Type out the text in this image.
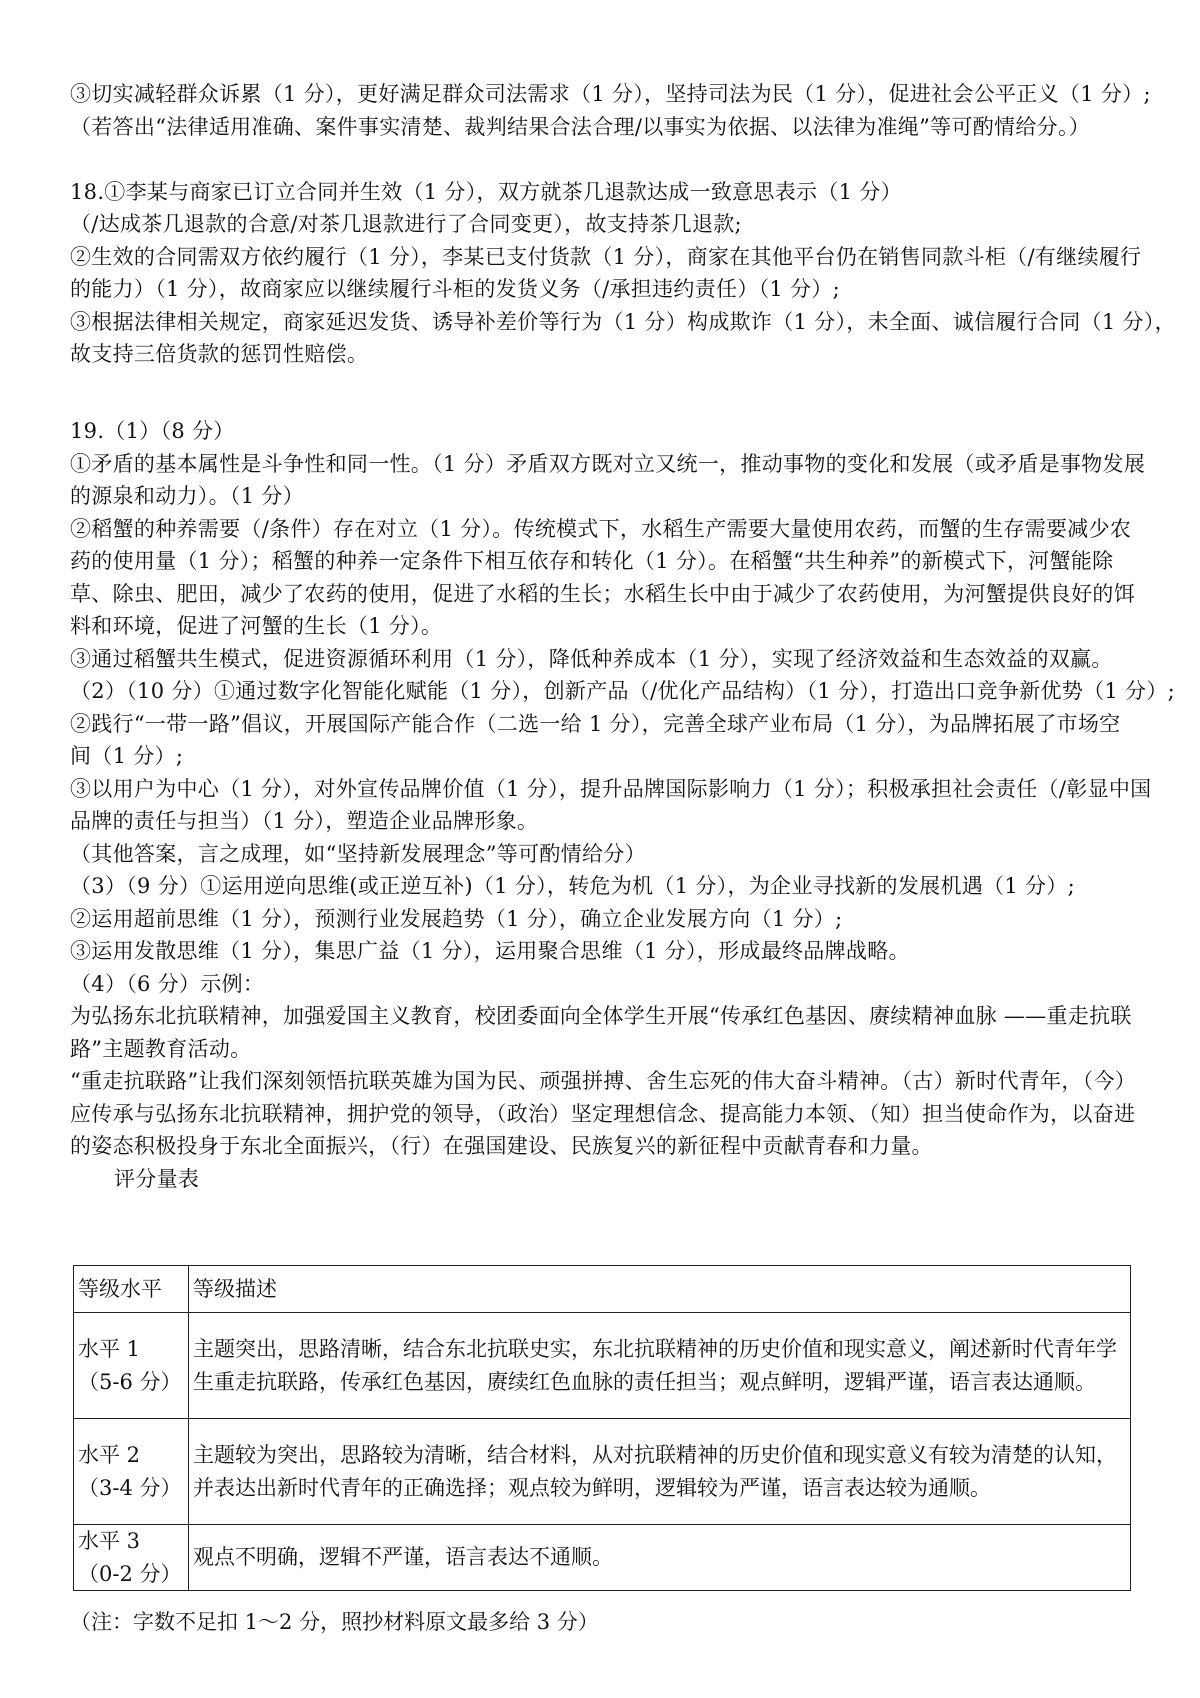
③切实减轻群众诉累（1 分），更好满足群众司法需求（1 分），坚持司法为民（1 分），促进社会公平正义（1 分）;
（若答出“法律适用准确、案件事实清楚、裁判结果合法合理/以事实为依据、以法律为准绳”等可酌情给分。）
18.①李某与商家已订立合同并生效（1 分），双方就茶几退款达成一致意思表示（1 分）
（/达成茶几退款的合意/对茶几退款进行了合同变更），故支持茶几退款;
②生效的合同需双方依约履行（1 分），李某已支付货款（1 分），商家在其他平台仍在销售同款斗柜（/有继续履行
的能力）（1 分），故商家应以继续履行斗柜的发货义务（/承担违约责任）（1 分）;
③根据法律相关规定，商家延迟发货、诱导补差价等行为（1 分）构成欺诈（1 分），未全面、诚信履行合同（1 分），
故支持三倍货款的惩罚性赔偿。
19.（1）（8 分）
①矛盾的基本属性是斗争性和同一性。（1 分）矛盾双方既对立又统一，推动事物的变化和发展（或矛盾是事物发展
的源泉和动力）。（1 分）
②稻蟹的种养需要（/条件）存在对立（1 分）。传统模式下，水稻生产需要大量使用农药，而蟹的生存需要减少农
药的使用量（1 分）；稻蟹的种养一定条件下相互依存和转化（1 分）。在稻蟹“共生种养”的新模式下，河蟹能除
草、除虫、肥田，减少了农药的使用，促进了水稻的生长；水稻生长中由于减少了农药使用，为河蟹提供良好的饵
料和环境，促进了河蟹的生长（1 分）。
③通过稻蟹共生模式，促进资源循环利用（1 分），降低种养成本（1 分），实现了经济效益和生态效益的双赢。
（2）（10 分）①通过数字化智能化赋能（1 分），创新产品（/优化产品结构）（1 分），打造出口竞争新优势（1 分）;
②践行“一带一路”倡议，开展国际产能合作（二选一给 1 分），完善全球产业布局（1 分），为品牌拓展了市场空
间（1 分）;
③以用户为中心（1 分），对外宣传品牌价值（1 分），提升品牌国际影响力（1 分）；积极承担社会责任（/彰显中国
品牌的责任与担当）（1 分），塑造企业品牌形象。
（其他答案，言之成理，如“坚持新发展理念”等可酌情给分）
（3）（9 分）①运用逆向思维(或正逆互补)（1 分），转危为机（1 分），为企业寻找新的发展机遇（1 分）;
②运用超前思维（1 分），预测行业发展趋势（1 分），确立企业发展方向（1 分）;
③运用发散思维（1 分），集思广益（1 分），运用聚合思维（1 分），形成最终品牌战略。
（4）（6 分）示例：
为弘扬东北抗联精神，加强爱国主义教育，校团委面向全体学生开展“传承红色基因、赓续精神血脉 ——重走抗联
路”主题教育活动。
“重走抗联路”让我们深刻领悟抗联英雄为国为民、顽强拼搏、舍生忘死的伟大奋斗精神。（古）新时代青年，（今）
应传承与弘扬东北抗联精神，拥护党的领导，（政治）坚定理想信念、提高能力本领、（知）担当使命作为，以奋进
的姿态积极投身于东北全面振兴，（行）在强国建设、民族复兴的新征程中贡献青春和力量。
评分量表
等级水平	等级描述

水平 1
（5-6 分）	主题突出，思路清晰，结合东北抗联史实，东北抗联精神的历史价值和现实意义，阐述新时代青年学
生重走抗联路，传承红色基因，赓续红色血脉的责任担当；观点鲜明，逻辑严谨，语言表达通顺。

水平 2
（3-4 分）	主题较为突出，思路较为清晰，结合材料，从对抗联精神的历史价值和现实意义有较为清楚的认知，
并表达出新时代青年的正确选择；观点较为鲜明，逻辑较为严谨，语言表达较为通顺。

水平 3
（0-2 分）	观点不明确，逻辑不严谨，语言表达不通顺。
（注：字数不足扣 1～2 分，照抄材料原文最多给 3 分）
